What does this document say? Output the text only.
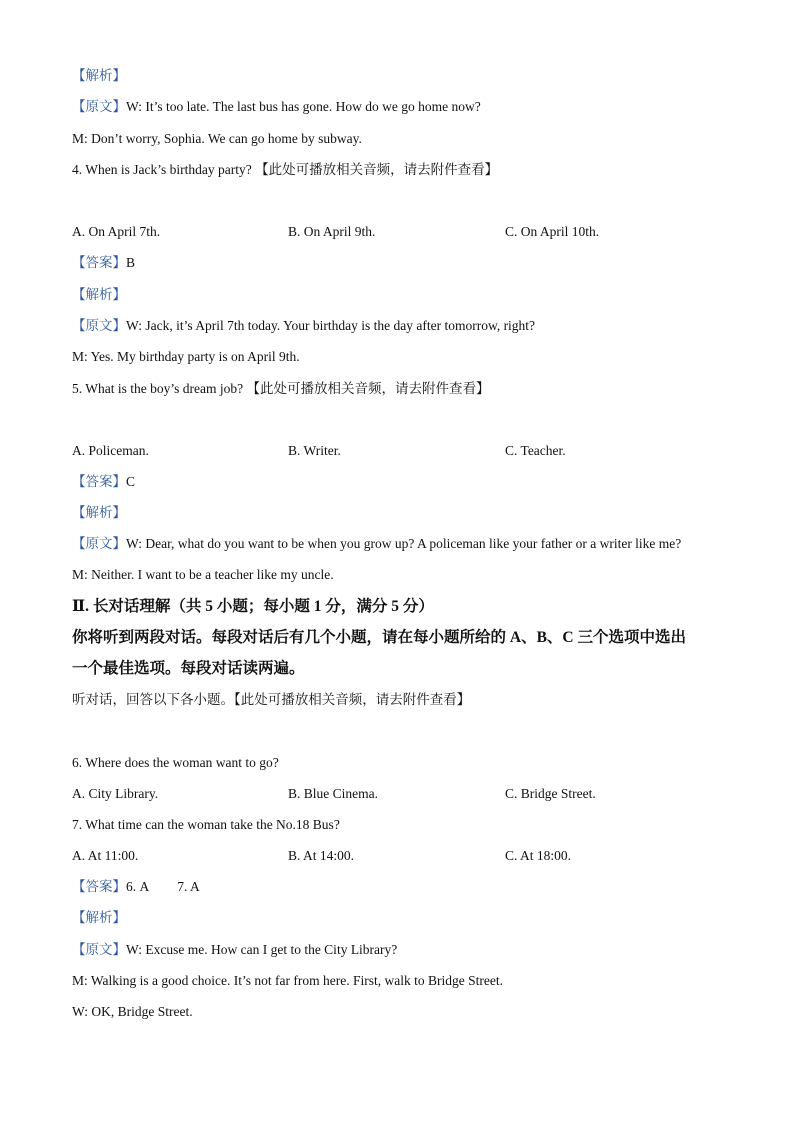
【解析】
【原文】W: It’s too late. The last bus has gone. How do we go home now?
M: Don’t worry, Sophia. We can go home by subway.
4. When is Jack’s birthday party? 【此处可播放相关音频，请去附件查看】
A. On April 7th.	B. On April 9th.	C. On April 10th.
【答案】B
【解析】
【原文】W: Jack, it’s April 7th today. Your birthday is the day after tomorrow, right?
M: Yes. My birthday party is on April 9th.
5. What is the boy’s dream job? 【此处可播放相关音频，请去附件查看】
A. Policeman.	B. Writer.	C. Teacher.
【答案】C
【解析】
【原文】W: Dear, what do you want to be when you grow up? A policeman like your father or a writer like me?
M: Neither. I want to be a teacher like my uncle.
Ⅱ. 长对话理解（共 5 小题；每小题 1 分，满分 5 分）
你将听到两段对话。每段对话后有几个小题，请在每小题所给的 A、B、C 三个选项中选出
一个最佳选项。每段对话读两遍。
听对话，回答以下各小题。【此处可播放相关音频，请去附件查看】
6. Where does the woman want to go?
A. City Library.	B. Blue Cinema.	C. Bridge Street.
7. What time can the woman take the No.18 Bus?
A. At 11:00.	B. At 14:00.	C. At 18:00.
【答案】6. A 7. A
【解析】
【原文】W: Excuse me. How can I get to the City Library?
M: Walking is a good choice. It’s not far from here. First, walk to Bridge Street.
W: OK, Bridge Street.
